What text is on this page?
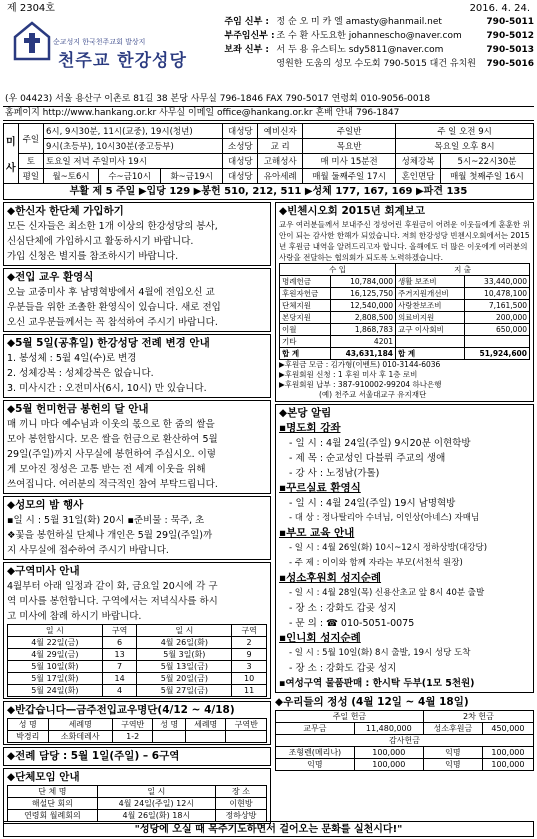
제 2304호	2016. 4. 24.
순교성지 한국천주교회 발상지
천주교 한강성당
주임 신부 : 정 순 오 미 카 엘 amasty@hanmail.net	790-5011
부주임신부 : 조 수 환 사도요한 johannescho@naver.com	790-5012
보좌 신부 : 서 두 용 유스티노 sdy5811@naver.com	790-5013
영원한 도움의 성모 수도회 790-5015 대건 유치원	790-5016
(우 04423) 서울 용산구 이촌로 81길 38 본당 사무실 796-1846 FAX 790-5017 연령회 010-9056-0018
홈페이지 http://www.hankang.or.kr 사무실 이메일 office@hankang.or.kr 혼배 안내 796-1847
미

사	주일	6시, 9시30분, 11시(교중), 19시(청년)			대성당	예비신자	주일반	주 일 오전 9시	
		9시(초등부), 10시30분(중고등부)			소성당	교 리	목요반	목요일 오후 8시	
	토	토요일 저녁 주일미사 19시			대성당	고해성사	매 미사 15분전	성체강복	5시~22시30분
	평일	월~토6시	수~금10시	화~금19시	대성당	유아세례	매월 둘째주일 17시	혼인면담	매월 첫째주일 16시
부활 제 5 주일 ▶입당 129 ▶봉헌 510, 212, 511 ▶성체 177, 167, 169 ▶파견 135
◆한신자 한단체 가입하기
모든 신자들은 최소한 1개 이상의 한강성당의 봉사,
신심단체에 가입하시고 활동하시기 바랍니다.
가입 신청은 별지를 참조하시기 바랍니다.
◆전입 교우 환영식
오늘 교중미사 후 남명혁방에서 4월에 전입오신 교
우분들을 위한 조촐한 환영식이 있습니다. 새로 전입
오신 교우분들께서는 꼭 참석하여 주시기 바랍니다.
◆5월 5일(공휴일) 한강성당 전례 변경 안내
1. 봉성체 : 5월 4일(수)로 변경
2. 성체강복 : 성체강복은 없습니다.
3. 미사시간 : 오전미사(6시, 10시) 만 있습니다.
◆5월 헌미헌금 봉헌의 달 안내
매 끼니 마다 예수님과 이웃의 몫으로 한 줌의 쌀을
모아 봉헌합시다. 모은 쌀을 헌금으로 환산하여 5월
29일(주일)까지 사무실에 봉헌하여 주십시오. 이렇
게 모아진 정성은 고통 받는 전 세계 이웃을 위해
쓰여집니다. 여러분의 적극적인 참여 부탁드립니다.
◆성모의 밤 행사
▪일 시 : 5월 31일(화) 20시 ▪준비물 : 묵주, 초
❖꽃을 봉헌하실 단체나 개인은 5월 29일(주일)까
지 사무실에 접수하여 주시기 바랍니다.
◆구역미사 안내
4월부터 아래 일정과 같이 화, 금요일 20시에 각 구
역 미사를 봉헌합니다. 구역에서는 저녁식사를 하시
고 미사에 참례 하시기 바랍니다.
일 시	구역	일 시	구역
4월 22일(금)	6	4월 26일(화)	2
4월 29일(금)	13	5월 3일(화)	9
5월 10일(화)	7	5월 13일(금)	3
5월 17일(화)	14	5월 20일(금)	10
5월 24일(화)	4	5월 27일(금)	11
◆반갑습니다—금주전입교우명단(4/12 ~ 4/18)
성 명	세례명	구역반	성 명	세례명	구역반
박경리	소화데레사	1-2			
◆전례 담당 : 5월 1일(주일) – 6구역
◆단체모임 안내
단 체 명	일 시	장 소
해설단 회의	4월 24일(주일) 12시	이현방
연령회 월례회의	4월 26일(화) 18시	정하상방
◆빈첸시오회 2015년 회계보고
교우 여러분들께서 보내주신 정성어린 후원금이 어려운 이웃들에게 훈훈한 위안이 되는 감사한 한해가 되었습니다. 저희 한강성당 빈첸시오회에서는 2015년 후원금 내역을 알려드리고자 합니다. 올해에도 더 많은 이웃에게 여러분의 사랑을 전달하는 협의회가 되도록 노력하겠습니다.
수 입		지 출	
명례헌금	10,784,000	생활 보조비	33,440,000
후원자헌금	16,125,750	주거지원개선비	10,478,100
단체지원	12,540,000	사랑찬보조비	7,161,500
본당지원	2,808,500	의료비지원	200,000
이월	1,868,783	교구 이사회비	650,000
기타	4201		
합 계	43,631,184	합 계	51,924,600
▶후원금 모금 : 김가형(이벤트) 010-3144-6036
▶후원회원 신청 : 1 후원 미사 후 1층 로비
▶후원회원 납부 : 387-910002-99204 하나은행
(예) 천주교 서울대교구 유지재단
◆본당 알림
▪명도회 강좌
- 일 시 : 4월 24일(주일) 9시20분 이현학방
- 제 목 : 순교성인 다블뤼 주교의 생애
- 강 사 : 노정남(가톨)
▪꾸르실료 환영식
- 일 시 : 4월 24일(주일) 19시 남명혁방
- 대 상 : 정나탈리아 수녀님, 이인상(아네스) 자매님
▪부모 교육 안내
- 일 시 : 4월 26일(화) 10시~12시 정하상방(대강당)
- 주 제 : 이이와 함께 자라는 부모(서천석 원장)
▪성소후원회 성지순례
- 일 시 : 4월 28일(목) 신용산초교 앞 8시 40분 출발
- 장 소 : 강화도 갑곶 성지
- 문 의 : ☎ 010-5051-0075
▪인니회 성지순례
- 일 시 : 5월 10일(화) 8시 출발, 19시 성당 도착
- 장 소 : 강화도 갑곶 성지
▪여성구역 물품판매 : 한시탁 두부(1모 5천원)
◆우리들의 정성 (4월 12일 ~ 4월 18일)
주일 헌금		2차 헌금	
교무금	11,480,000	성소후원금	450,000
감사헌금			
조형렌(메리나)	100,000	익명	100,000
익명	100,000	익명	100,000
"성당에 오실 때 목주기도하면서 걸어오는 문화를 실천시다!"
